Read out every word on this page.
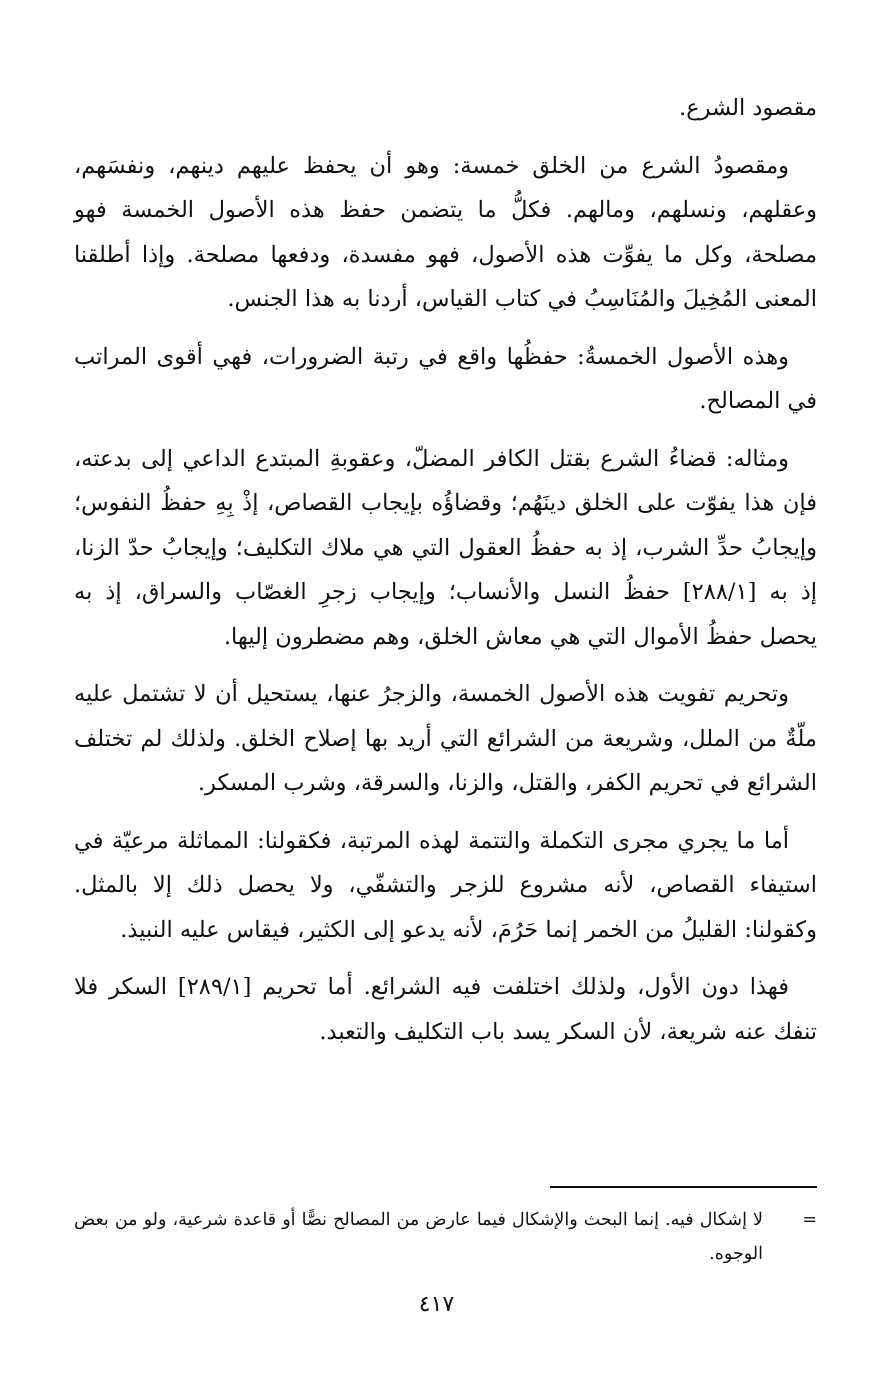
مقصود الشرع.

ومقصودُ الشرع من الخلق خمسة: وهو أن يحفظ عليهم دينهم، ونفسَهم، وعقلهم، ونسلهم، ومالهم. فكلُّ ما يتضمن حفظ هذه الأصول الخمسة فهو مصلحة، وكل ما يفوِّت هذه الأصول، فهو مفسدة، ودفعها مصلحة. وإذا أطلقنا المعنى المُخِيلَ والمُنَاسِبُ في كتاب القياس، أردنا به هذا الجنس.

وهذه الأصول الخمسةُ: حفظُها واقع في رتبة الضرورات، فهي أقوى المراتب في المصالح.

ومثاله: قضاءُ الشرع بقتل الكافر المضلّ، وعقوبةِ المبتدع الداعي إلى بدعته، فإن هذا يفوّت على الخلق دينَهُم؛ وقضاؤُه بإيجاب القصاص، إذْ بِهِ حفظُ النفوس؛ وإيجابُ حدِّ الشرب، إذ به حفظُ العقول التي هي ملاك التكليف؛ وإيجابُ حدّ الزنا، إذ به [٢٨٨/١] حفظُ النسل والأنساب؛ وإيجاب زجرِ الغصّاب والسراق، إذ به يحصل حفظُ الأموال التي هي معاش الخلق، وهم مضطرون إليها.

وتحريم تفويت هذه الأصول الخمسة، والزجرُ عنها، يستحيل أن لا تشتمل عليه ملّةٌ من الملل، وشريعة من الشرائع التي أريد بها إصلاح الخلق. ولذلك لم تختلف الشرائع في تحريم الكفر، والقتل، والزنا، والسرقة، وشرب المسكر.

أما ما يجري مجرى التكملة والتتمة لهذه المرتبة، فكقولنا: المماثلة مرعيّة في استيفاء القصاص، لأنه مشروع للزجر والتشفّي، ولا يحصل ذلك إلا بالمثل. وكقولنا: القليلُ من الخمر إنما حَرُمَ، لأنه يدعو إلى الكثير، فيقاس عليه النبيذ.

فهذا دون الأول، ولذلك اختلفت فيه الشرائع. أما تحريم [٢٨٩/١] السكر فلا تنفك عنه شريعة، لأن السكر يسد باب التكليف والتعبد.

=
لا إشكال فيه. إنما البحث والإشكال فيما عارض من المصالح نصًّا أو قاعدة شرعية، ولو من بعض الوجوه.
٤١٧
